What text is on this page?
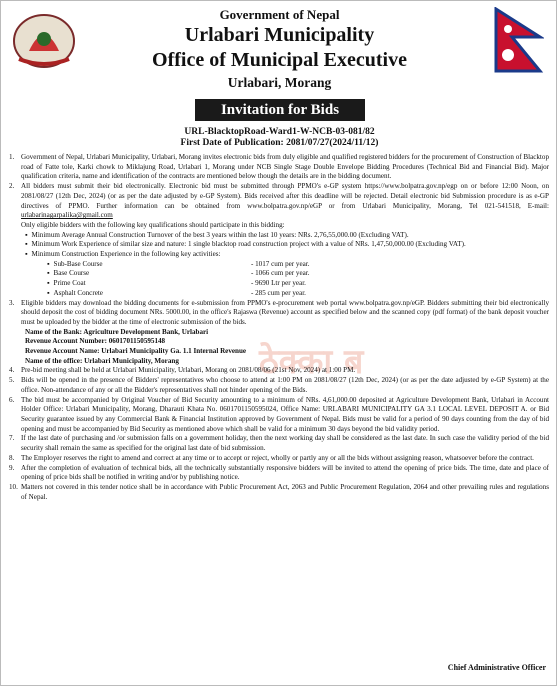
Government of Nepal
Urlabari Municipality
Office of Municipal Executive
Urlabari, Morang
Invitation for Bids
URL-BlacktopRoad-Ward1-W-NCB-03-081/82
First Date of Publication: 2081/07/27(2024/11/12)
ठेक्का ब
1. Government of Nepal, Urlabari Municipality, Urlabari, Morang invites electronic bids from duly eligible and qualified registered bidders for the procurement of Construction of Blacktop road of Fatte tole, Karki chowk to Miklajung Road, Urlabari 1, Morang under NCB Single Stage Double Envelope Bidding Procedures (Technical Bid and Financial Bid). Major qualification criteria, name and identification of the contracts are mentioned below though the details are in the bidding document.
2. All bidders must submit their bid electronically. Electronic bid must be submitted through PPMO's e-GP system https://www.bolpatra.gov.np/egp on or before 12:00 Noon, on 2081/08/27 (12th Dec, 2024) (or as per the date adjusted by e-GP System). Bids received after this deadline will be rejected. Detail electronic bid Submission procedure is as e-GP directives of PPMO. Further information can be obtained from www.bolpatra.gov.np/eGP or from Urlabari Municipality, Morang, Tel 021-541518, E-mail: urlabarinagarpalika@gmail.com
Only eligible bidders with the following key qualifications should participate in this bidding:
▪ Minimum Average Annual Construction Turnover of the best 3 years within the last 10 years: NRs. 2,76,55,000.00 (Excluding VAT).
▪ Minimum Work Experience of similar size and nature: 1 single blacktop road construction project with a value of NRs. 1,47,50,000.00 (Excluding VAT).
▪ Minimum Construction Experience in the following key activities:
▪ Sub-Base Course	- 1017 cum per year.
▪ Base Course	- 1066 cum per year.
▪ Prime Coat	- 9690 Ltr per year.
▪ Asphalt Concrete	- 285 cum per year.
3. Eligible bidders may download the bidding documents for e-submission from PPMO's e-procurement web portal www.bolpatra.gov.np/eGP. Bidders submitting their bid electronically should deposit the cost of bidding document NRs. 5000.00, in the office's Rajaswa (Revenue) account as specified below and the scanned copy (pdf format) of the bank deposit voucher must be uploaded by the bidder at the time of electronic submission of the bids.
Name of the Bank: Agriculture Development Bank, Urlabari
Revenue Account Number: 0601701150595148
Revenue Account Name: Urlabari Municipality Ga. 1.1 Internal Revenue
Name of the office: Urlabari Municipality, Morang
4. Pre-bid meeting shall be held at Urlabari Municipality, Urlabari, Morang on 2081/08/06 (21st Nov, 2024) at 1:00 PM.
5. Bids will be opened in the presence of Bidders' representatives who choose to attend at 1:00 PM on 2081/08/27 (12th Dec, 2024) (or as per the date adjusted by e-GP System) at the office. Non-attendance of any or all the Bidder's representatives shall not hinder opening of the Bids.
6. The bid must be accompanied by Original Voucher of Bid Security amounting to a minimum of NRs. 4,61,000.00 deposited at Agriculture Development Bank, Urlabari in Account Holder Office: Urlabari Municipality, Morang, Dharauti Khata No. 0601701150595024, Office Name: URLABARI MUNICIPALITY GA 3.1 LOCAL LEVEL DEPOSIT A. or Bid Security guarantee issued by any Commercial Bank & Financial Institution approved by Government of Nepal. Bids must be valid for a period of 90 days counting from the day of bid opening and must be accompanied by Bid Security as mentioned above which shall be valid for a minimum 30 days beyond the bid validity period.
7. If the last date of purchasing and /or submission falls on a government holiday, then the next working day shall be considered as the last date. In such case the validity period of the bid security shall remain the same as specified for the original last date of bid submission.
8. The Employer reserves the right to amend and correct at any time or to accept or reject, wholly or partly any or all the bids without assigning reason, whatsoever before the contract.
9. After the completion of evaluation of technical bids, all the technically substantially responsive bidders will be invited to attend the opening of price bids. The time, date and place of opening of price bids shall be notified in writing and/or by publishing notice.
10. Matters not covered in this tender notice shall be in accordance with Public Procurement Act, 2063 and Public Procurement Regulation, 2064 and other prevailing rules and regulations of Nepal.
Chief Administrative Officer
